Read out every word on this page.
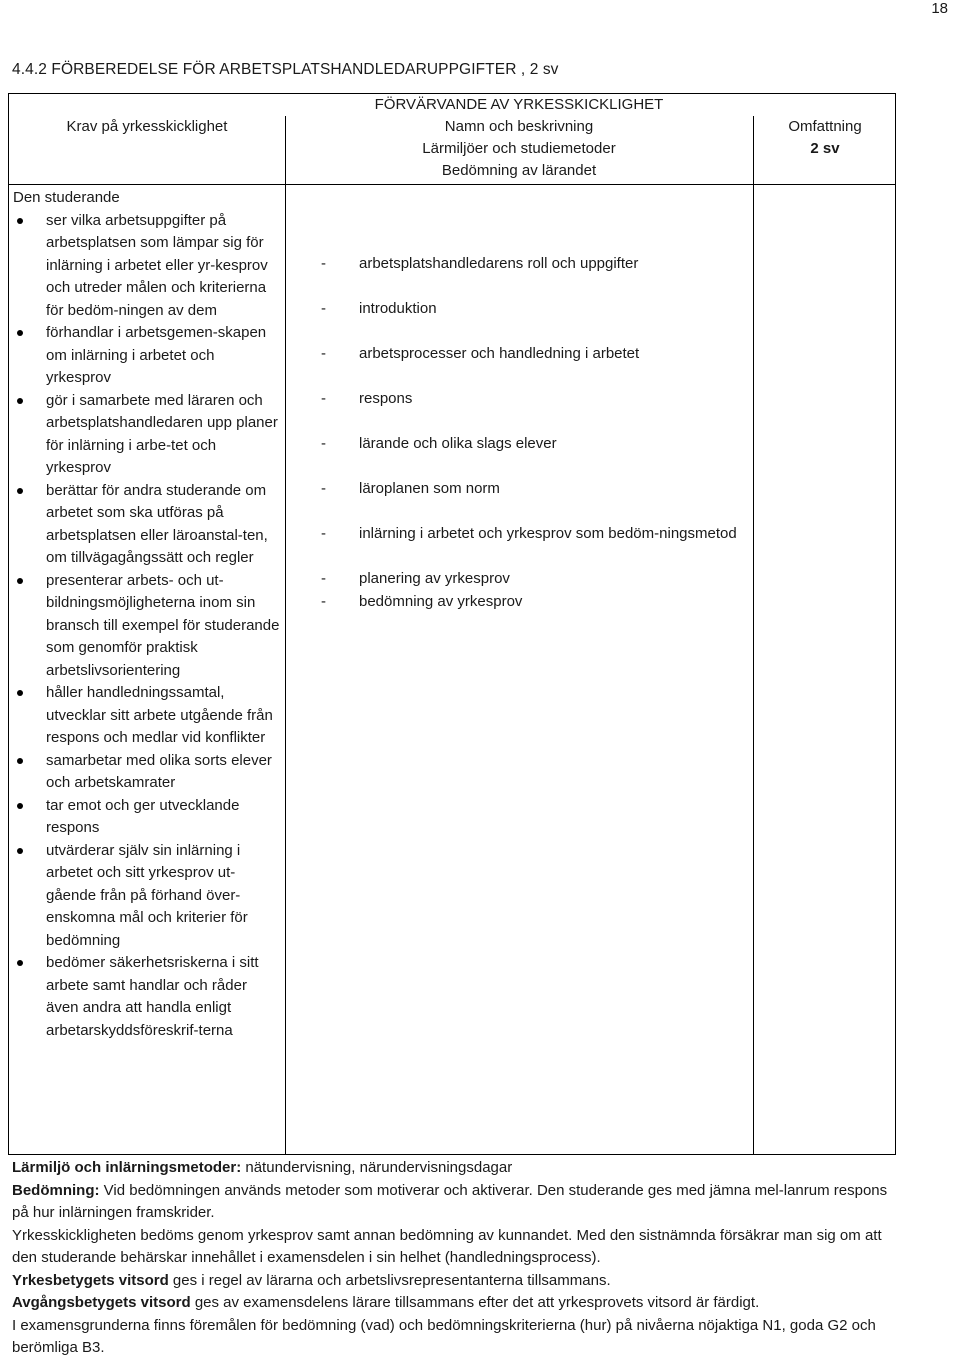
18
4.4.2 FÖRBEREDELSE FÖR ARBETSPLATSHANDLEDARUPPGIFTER , 2 sv
FÖRVÄRVANDE AV YRKESSKICKLIGHET
Krav på yrkesskicklighet	Namn och beskrivning
Lärmiljöer och studiemetoder
Bedömning av lärandet
Omfattning
2 sv

Den studerande

ser vilka arbetsuppgifter på arbetsplatsen som lämpar sig för inlärning i arbetet eller yr-kesprov och utreder målen och kriterierna för bedöm-ningen av dem
förhandlar i arbetsgemen-skapen om inlärning i arbetet och yrkesprov
gör i samarbete med läraren och arbetsplatshandledaren upp planer för inlärning i arbe-tet och yrkesprov
berättar för andra studerande om arbetet som ska utföras på arbetsplatsen eller läroanstal-ten, om tillvägagångssätt och regler
presenterar arbets- och ut-bildningsmöjligheterna inom sin bransch till exempel för studerande som genomför praktisk arbetslivsorientering
håller handledningssamtal, utvecklar sitt arbete utgående från respons och medlar vid konflikter
samarbetar med olika sorts elever och arbetskamrater
tar emot och ger utvecklande respons
utvärderar själv sin inlärning i arbetet och sitt yrkesprov ut-gående från på förhand över-enskomna mål och kriterier för bedömning
bedömer säkerhetsriskerna i sitt arbete samt handlar och råder även andra att handla enligt arbetarskyddsföreskrif-terna
- arbetsplatshandledarens roll och uppgifter
- introduktion
- arbetsprocesser och handledning i arbetet
- respons
- lärande och olika slags elever
- läroplanen som norm
- inlärning i arbetet och yrkesprov som bedöm-ningsmetod
- planering av yrkesprov
- bedömning av yrkesprov

Lärmiljö och inlärningsmetoder: nätundervisning, närundervisningsdagar

Bedömning: Vid bedömningen används metoder som motiverar och aktiverar. Den studerande ges med jämna mel-lanrum respons på hur inlärningen framskrider.

Yrkesskickligheten bedöms genom yrkesprov samt annan bedömning av kunnandet. Med den sistnämnda försäkrar man sig om att den studerande behärskar innehållet i examensdelen i sin helhet (handledningsprocess).

Yrkesbetygets vitsord ges i regel av lärarna och arbetslivsrepresentanterna tillsammans.

Avgångsbetygets vitsord ges av examensdelens lärare tillsammans efter det att yrkesprovets vitsord är färdigt.

I examensgrunderna finns föremålen för bedömning (vad) och bedömningskriterierna (hur) på nivåerna nöjaktiga N1, goda G2 och berömliga B3.
